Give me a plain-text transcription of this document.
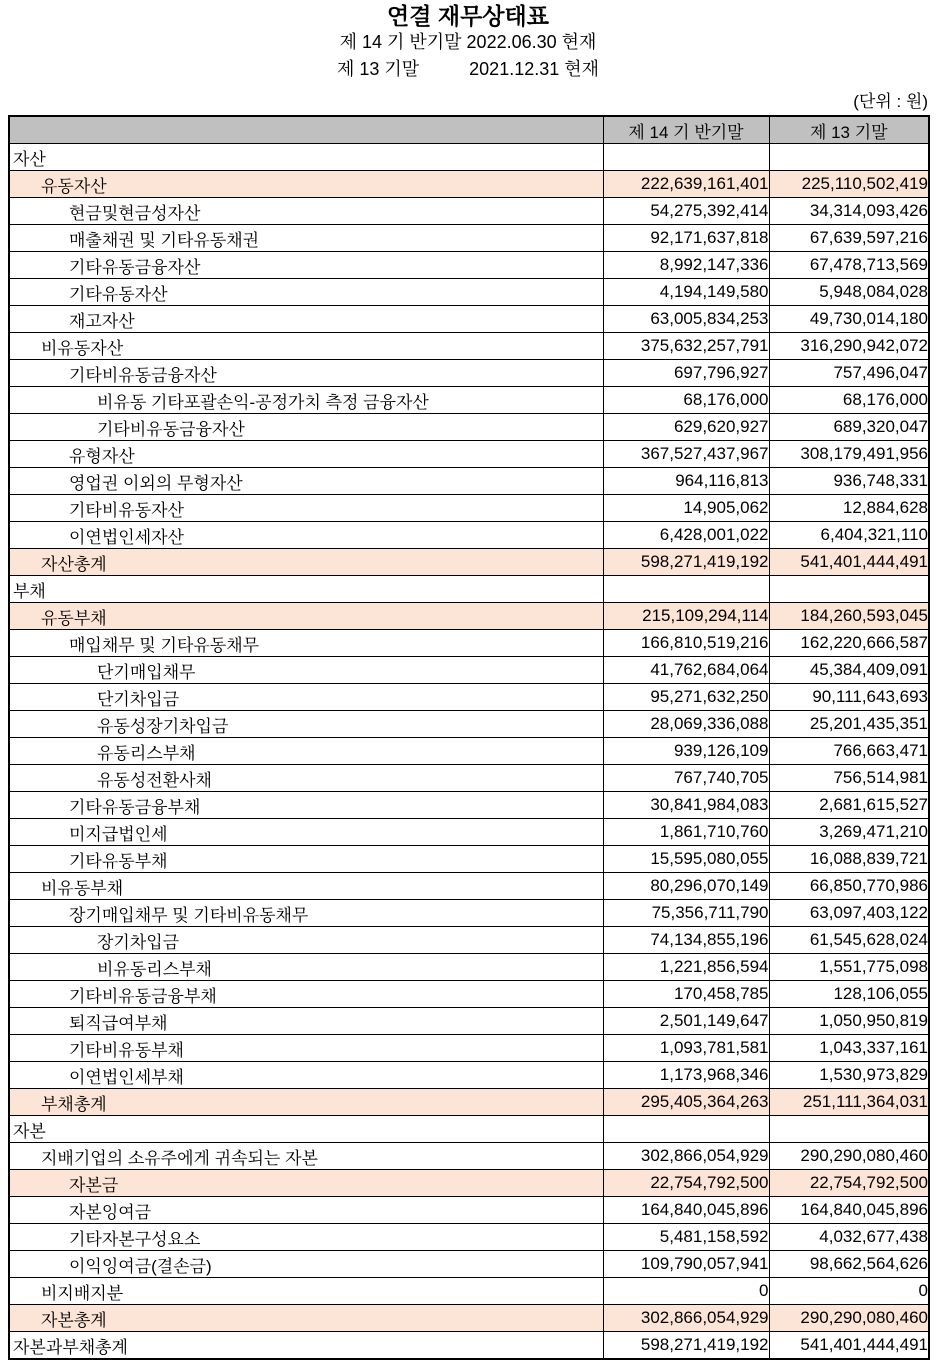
연결 재무상태표
제 14 기 반기말 2022.06.30 현재
제 13 기말          2021.12.31 현재
(단위 : 원)
	제 14 기 반기말	제 13 기말
자산		
유동자산	222,639,161,401	225,110,502,419
현금및현금성자산	54,275,392,414	34,314,093,426
매출채권 및 기타유동채권	92,171,637,818	67,639,597,216
기타유동금융자산	8,992,147,336	67,478,713,569
기타유동자산	4,194,149,580	5,948,084,028
재고자산	63,005,834,253	49,730,014,180
비유동자산	375,632,257,791	316,290,942,072
기타비유동금융자산	697,796,927	757,496,047
비유동 기타포괄손익-공정가치 측정 금융자산	68,176,000	68,176,000
기타비유동금융자산	629,620,927	689,320,047
유형자산	367,527,437,967	308,179,491,956
영업권 이외의 무형자산	964,116,813	936,748,331
기타비유동자산	14,905,062	12,884,628
이연법인세자산	6,428,001,022	6,404,321,110
자산총계	598,271,419,192	541,401,444,491
부채		
유동부채	215,109,294,114	184,260,593,045
매입채무 및 기타유동채무	166,810,519,216	162,220,666,587
단기매입채무	41,762,684,064	45,384,409,091
단기차입금	95,271,632,250	90,111,643,693
유동성장기차입금	28,069,336,088	25,201,435,351
유동리스부채	939,126,109	766,663,471
유동성전환사채	767,740,705	756,514,981
기타유동금융부채	30,841,984,083	2,681,615,527
미지급법인세	1,861,710,760	3,269,471,210
기타유동부채	15,595,080,055	16,088,839,721
비유동부채	80,296,070,149	66,850,770,986
장기매입채무 및 기타비유동채무	75,356,711,790	63,097,403,122
장기차입금	74,134,855,196	61,545,628,024
비유동리스부채	1,221,856,594	1,551,775,098
기타비유동금융부채	170,458,785	128,106,055
퇴직급여부채	2,501,149,647	1,050,950,819
기타비유동부채	1,093,781,581	1,043,337,161
이연법인세부채	1,173,968,346	1,530,973,829
부채총계	295,405,364,263	251,111,364,031
자본		
지배기업의 소유주에게 귀속되는 자본	302,866,054,929	290,290,080,460
자본금	22,754,792,500	22,754,792,500
자본잉여금	164,840,045,896	164,840,045,896
기타자본구성요소	5,481,158,592	4,032,677,438
이익잉여금(결손금)	109,790,057,941	98,662,564,626
비지배지분	0	0
자본총계	302,866,054,929	290,290,080,460
자본과부채총계	598,271,419,192	541,401,444,491
